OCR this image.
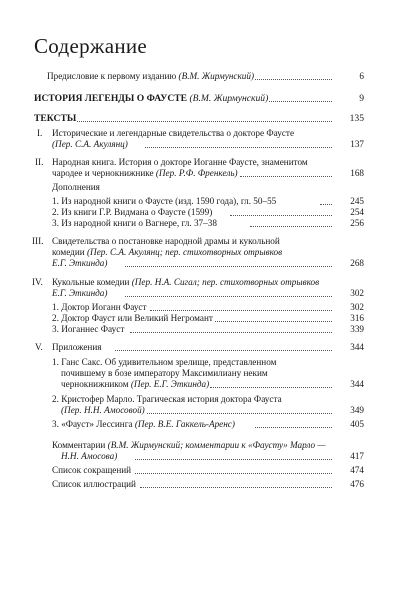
Содержание
Предисловие к первому изданию (В.М. Жирмунский)	6
ИСТОРИЯ ЛЕГЕНДЫ О ФАУСТЕ (В.М. Жирмунский)	9
ТЕКСТЫ	135
I. Исторические и легендарные свидетельства о докторе Фаусте
(Пер. С.А. Акулянц)	137
II. Народная книга. История о докторе Иоганне Фаусте, знаменитом
чародее и чернокнижнике (Пер. Р.Ф. Френкель)	168
Дополнения
1. Из народной книги о Фаусте (изд. 1590 года), гл. 50–55	245
2. Из книги Г.Р. Видмана о Фаусте (1599)	254
3. Из народной книги о Вагнере, гл. 37–38	256
III. Свидетельства о постановке народной драмы и кукольной
комедии (Пер. С.А. Акулянц; пер. стихотворных отрывков
Е.Г. Эткинда)	268
IV. Кукольные комедии (Пер. Н.А. Сигал; пер. стихотворных отрывков
Е.Г. Эткинда)	302
1. Доктор Иоганн Фауст	302
2. Доктор Фауст или Великий Негромант	316
3. Иоганнес Фауст	339
V. Приложения	344
1. Ганс Сакс. Об удивительном зрелище, представленном
почившему в бозе императору Максимилиану неким
чернокнижником (Пер. Е.Г. Эткинда)	344
2. Кристофер Марло. Трагическая история доктора Фауста
(Пер. Н.Н. Амосовой)	349
3. «Фауст» Лессинга (Пер. В.Е. Гаккель-Аренс)	405
Комментарии (В.М. Жирмунский; комментарии к «Фаусту» Марло —
Н.Н. Амосова)	417
Список сокращений	474
Список иллюстраций	476
